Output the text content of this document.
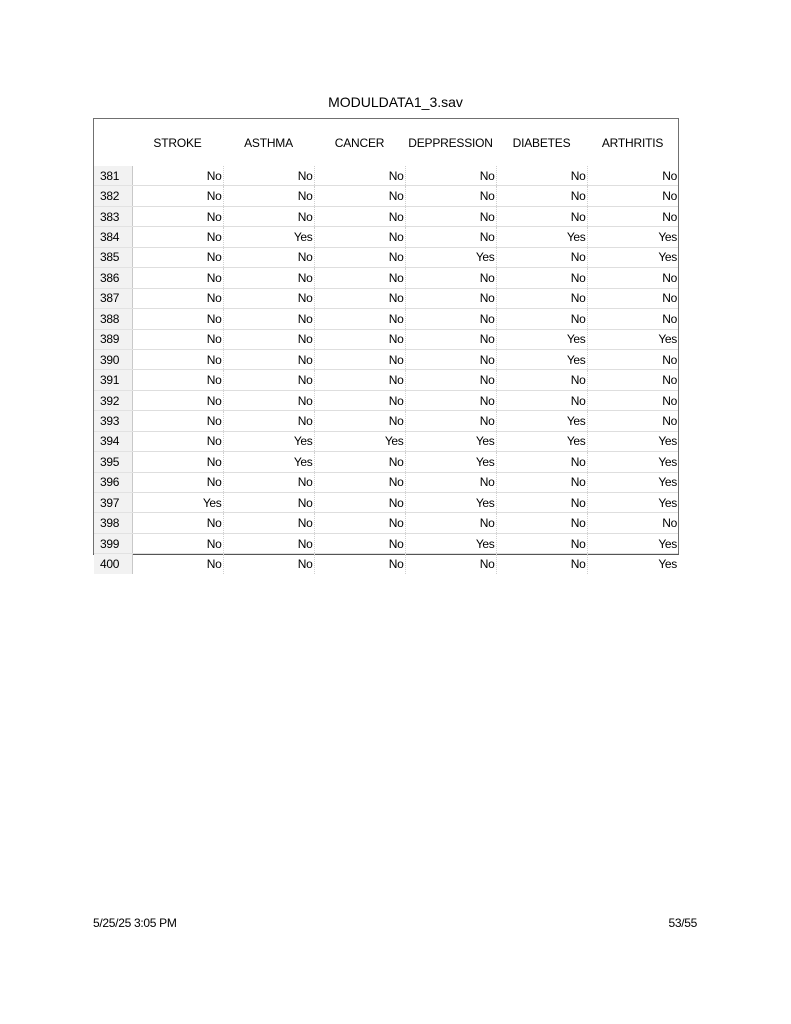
MODULDATA1_3.sav
	STROKE	ASTHMA	CANCER	DEPPRESSION	DIABETES	ARTHRITIS
381	No	No	No	No	No	No
382	No	No	No	No	No	No
383	No	No	No	No	No	No
384	No	Yes	No	No	Yes	Yes
385	No	No	No	Yes	No	Yes
386	No	No	No	No	No	No
387	No	No	No	No	No	No
388	No	No	No	No	No	No
389	No	No	No	No	Yes	Yes
390	No	No	No	No	Yes	No
391	No	No	No	No	No	No
392	No	No	No	No	No	No
393	No	No	No	No	Yes	No
394	No	Yes	Yes	Yes	Yes	Yes
395	No	Yes	No	Yes	No	Yes
396	No	No	No	No	No	Yes
397	Yes	No	No	Yes	No	Yes
398	No	No	No	No	No	No
399	No	No	No	Yes	No	Yes
400	No	No	No	No	No	Yes
5/25/25 3:05 PM	53/55
